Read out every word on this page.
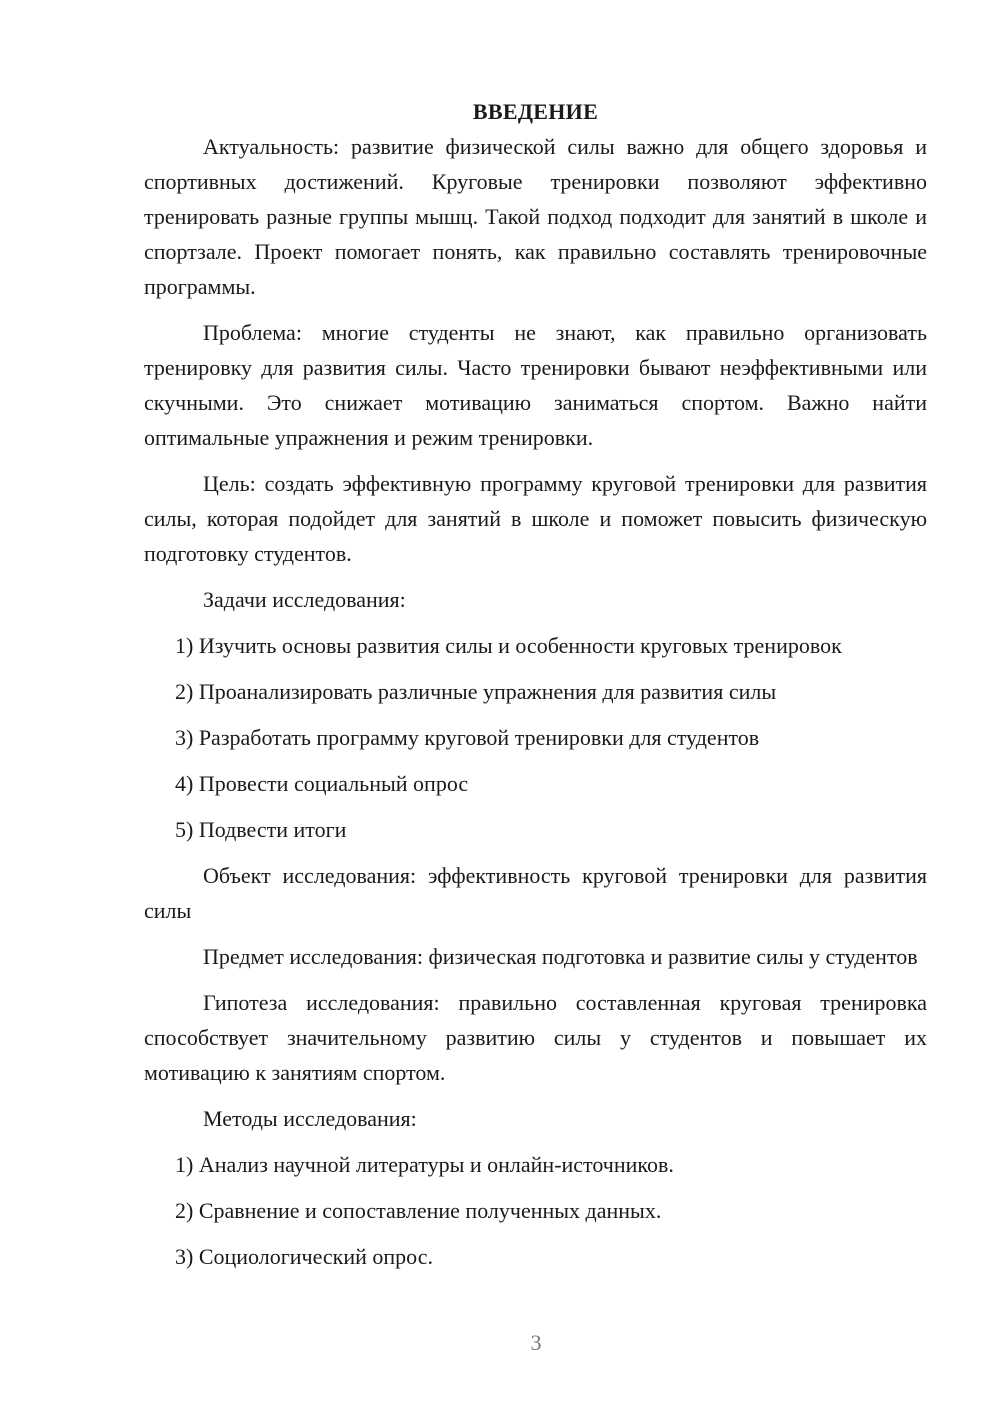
ВВЕДЕНИЕ

Актуальность: развитие физической силы важно для общего здоровья и спортивных достижений. Круговые тренировки позволяют эффективно тренировать разные группы мышц. Такой подход подходит для занятий в школе и спортзале. Проект помогает понять, как правильно составлять тренировочные программы.

Проблема: многие студенты не знают, как правильно организовать тренировку для развития силы. Часто тренировки бывают неэффективными или скучными. Это снижает мотивацию заниматься спортом. Важно найти оптимальные упражнения и режим тренировки.

Цель: создать эффективную программу круговой тренировки для развития силы, которая подойдет для занятий в школе и поможет повысить физическую подготовку студентов.

Задачи исследования:

1) Изучить основы развития силы и особенности круговых тренировок
2) Проанализировать различные упражнения для развития силы
3) Разработать программу круговой тренировки для студентов
4) Провести социальный опрос
5) Подвести итоги

Объект исследования: эффективность круговой тренировки для развития силы

Предмет исследования: физическая подготовка и развитие силы у студентов

Гипотеза исследования: правильно составленная круговая тренировка способствует значительному развитию силы у студентов и повышает их мотивацию к занятиям спортом.

Методы исследования:

1) Анализ научной литературы и онлайн-источников.
2) Сравнение и сопоставление полученных данных.
3) Социологический опрос.
3
